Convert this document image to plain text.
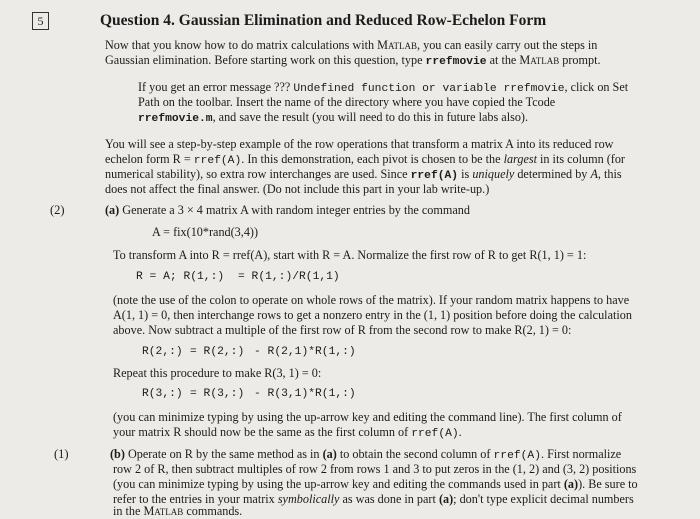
5	Question 4. Gaussian Elimination and Reduced Row-Echelon Form
Now that you know how to do matrix calculations with Matlab, you can easily carry out the steps in
Gaussian elimination. Before starting work on this question, type rrefmovie at the Matlab prompt.
If you get an error message ??? Undefined function or variable rrefmovie, click on Set
Path on the toolbar. Insert the name of the directory where you have copied the Tcode
rrefmovie.m, and save the result (you will need to do this in future labs also).
You will see a step-by-step example of the row operations that transform a matrix A into its reduced row
echelon form R = rref(A). In this demonstration, each pivot is chosen to be the largest in its column (for
numerical stability), so extra row interchanges are used. Since rref(A) is uniquely determined by A, this
does not affect the final answer. (Do not include this part in your lab write-up.)
(2)	(a) Generate a 3 × 4 matrix A with random integer entries by the command
A = fix(10*rand(3,4))
To transform A into R = rref(A), start with R = A. Normalize the first row of R to get R(1, 1) = 1:
R = A; R(1,:) = R(1,:)/R(1,1)
(note the use of the colon to operate on whole rows of the matrix). If your random matrix happens to have
A(1, 1) = 0, then interchange rows to get a nonzero entry in the (1, 1) position before doing the calculation
above. Now subtract a multiple of the first row of R from the second row to make R(2, 1) = 0:
R(2,:) = R(2,:) - R(2,1)*R(1,:)
Repeat this procedure to make R(3, 1) = 0:
R(3,:) = R(3,:) - R(3,1)*R(1,:)
(you can minimize typing by using the up-arrow key and editing the command line). The first column of
your matrix R should now be the same as the first column of rref(A).
(1)	(b) Operate on R by the same method as in (a) to obtain the second column of rref(A). First normalize
row 2 of R, then subtract multiples of row 2 from rows 1 and 3 to put zeros in the (1, 2) and (3, 2) positions
(you can minimize typing by using the up-arrow key and editing the commands used in part (a)). Be sure to
refer to the entries in your matrix symbolically as was done in part (a); don't type explicit decimal numbers
in the Matlab commands.
